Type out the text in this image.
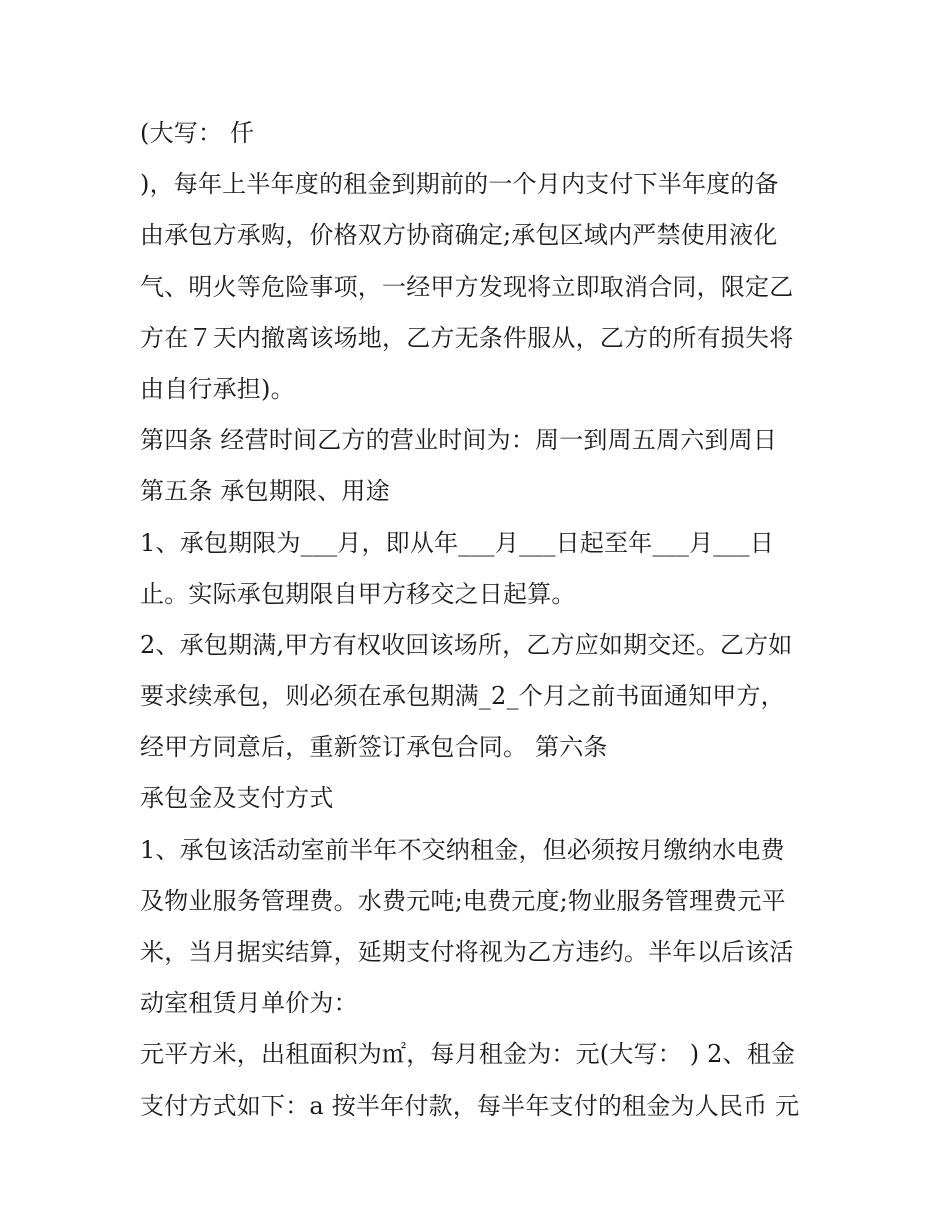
(大写： 仟
)，每年上半年度的租金到期前的一个月内支付下半年度的备
由承包方承购，价格双方协商确定;承包区域内严禁使用液化
气、明火等危险事项，一经甲方发现将立即取消合同，限定乙
方在７天内撤离该场地，乙方无条件服从，乙方的所有损失将
由自行承担)。
第四条 经营时间乙方的营业时间为：周一到周五周六到周日
第五条 承包期限、用途
1、承包期限为___月，即从年___月___日起至年___月___日
止。实际承包期限自甲方移交之日起算。
2、承包期满,甲方有权收回该场所，乙方应如期交还。乙方如
要求续承包，则必须在承包期满_2_个月之前书面通知甲方，
经甲方同意后，重新签订承包合同。 第六条
承包金及支付方式
1、承包该活动室前半年不交纳租金，但必须按月缴纳水电费
及物业服务管理费。水费元吨;电费元度;物业服务管理费元平
米，当月据实结算，延期支付将视为乙方违约。半年以后该活
动室租赁月单价为：
元平方米，出租面积为㎡，每月租金为：元(大写： ) 2、租金
支付方式如下：a 按半年付款，每半年支付的租金为人民币 元
